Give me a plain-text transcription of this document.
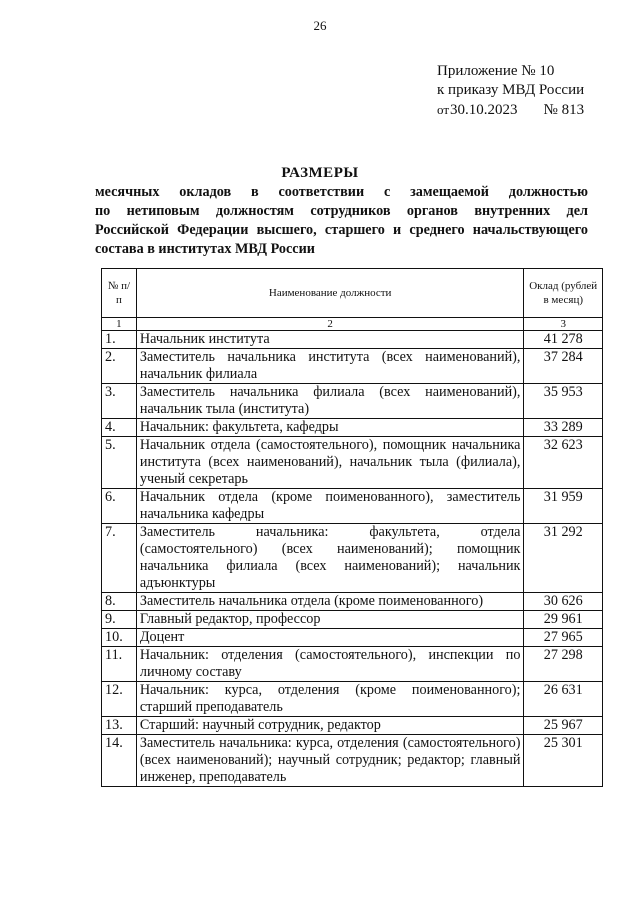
26
Приложение № 10
к приказу МВД России
от 30.10.2023 № 813
РАЗМЕРЫ
месячных окладов в соответствии с замещаемой должностью
по нетиповым должностям сотрудников органов внутренних дел
Российской Федерации высшего, старшего и среднего начальствующего
состава в институтах МВД России
№ п/п	Наименование должности	Оклад (рублей в месяц)
1	2	3
1.	Начальник института	41 278
2.	Заместитель начальника института (всех наименований), начальник филиала	37 284
3.	Заместитель начальника филиала (всех наименований), начальник тыла (института)	35 953
4.	Начальник: факультета, кафедры	33 289
5.	Начальник отдела (самостоятельного), помощник начальника института (всех наименований), начальник тыла (филиала), ученый секретарь	32 623
6.	Начальник отдела (кроме поименованного), заместитель начальника кафедры	31 959
7.	Заместитель начальника: факультета, отдела (самостоятельного) (всех наименований); помощник начальника филиала (всех наименований); начальник адъюнктуры	31 292
8.	Заместитель начальника отдела (кроме поименованного)	30 626
9.	Главный редактор, профессор	29 961
10.	Доцент	27 965
11.	Начальник: отделения (самостоятельного), инспекции по личному составу	27 298
12.	Начальник: курса, отделения (кроме поименованного); старший преподаватель	26 631
13.	Старший: научный сотрудник, редактор	25 967
14.	Заместитель начальника: курса, отделения (самостоятельного) (всех наименований); научный сотрудник; редактор; главный инженер, преподаватель	25 301
